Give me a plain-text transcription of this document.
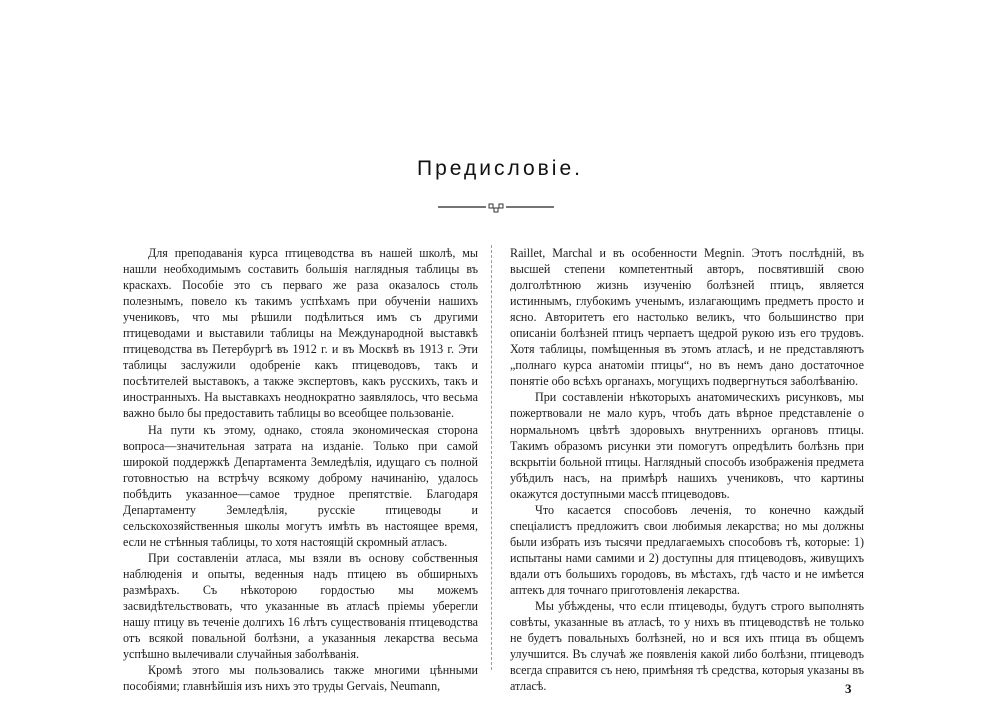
Предисловіе.

Для преподаванія курса птицеводства въ нашей школѣ, мы нашли необходимымъ составить большія наглядныя таблицы въ краскахъ. Пособіе это съ перваго же раза оказалось столь полезнымъ, повело къ такимъ успѣхамъ при обученіи нашихъ учениковъ, что мы рѣшили подѣлиться имъ съ другими птицеводами и выставили таблицы на Международной выставкѣ птицеводства въ Петербургѣ въ 1912 г. и въ Москвѣ въ 1913 г. Эти таблицы заслужили одобреніе какъ птицеводовъ, такъ и посѣтителей выставокъ, а также экспертовъ, какъ русскихъ, такъ и иностранныхъ. На выставкахъ неоднократно заявлялось, что весьма важно было бы предоставить таблицы во всеобщее пользованіе.

На пути къ этому, однако, стояла экономическая сторона вопроса—значительная затрата на изданіе. Только при самой широкой поддержкѣ Департамента Земледѣлія, идущаго съ полной готовностью на встрѣчу всякому доброму начинанію, удалось побѣдить указанное—самое трудное препятствіе. Благодаря Департаменту Земледѣлія, русскіе птицеводы и сельскохозяйственныя школы могутъ имѣть въ настоящее время, если не стѣнныя таблицы, то хотя настоящій скромный атласъ.

При составленіи атласа, мы взяли въ основу собственныя наблюденія и опыты, веденныя надъ птицею въ обширныхъ размѣрахъ. Съ нѣкоторою гордостью мы можемъ засвидѣтельствовать, что указанные въ атласѣ пріемы уберегли нашу птицу въ теченіе долгихъ 16 лѣтъ существованія птицеводства отъ всякой повальной болѣзни, а указанныя лекарства весьма успѣшно вылечивали случайныя заболѣванія.

Кромѣ этого мы пользовались также многими цѣнными пособіями; главнѣйшія изъ нихъ это труды Gervais, Neumann,

Raillet, Marchal и въ особенности Megnin. Этотъ послѣдній, въ высшей степени компетентный авторъ, посвятившій свою долголѣтнюю жизнь изученію болѣзней птицъ, является истиннымъ, глубокимъ ученымъ, излагающимъ предметъ просто и ясно. Авторитетъ его настолько великъ, что большинство при описаніи болѣзней птицъ черпаетъ щедрой рукою изъ его трудовъ. Хотя таблицы, помѣщенныя въ этомъ атласѣ, и не представляютъ „полнаго курса анатоміи птицы“, но въ немъ дано достаточное понятіе обо всѣхъ органахъ, могущихъ подвергнуться заболѣванію.

При составленіи нѣкоторыхъ анатомическихъ рисунковъ, мы пожертвовали не мало куръ, чтобъ дать вѣрное представленіе о нормальномъ цвѣтѣ здоровыхъ внутреннихъ органовъ птицы. Такимъ образомъ рисунки эти помогутъ опредѣлить болѣзнь при вскрытіи больной птицы. Наглядный способъ изображенія предмета убѣдилъ насъ, на примѣрѣ нашихъ учениковъ, что картины окажутся доступными массѣ птицеводовъ.

Что касается способовъ леченія, то конечно каждый спеціалистъ предложитъ свои любимыя лекарства; но мы должны были избрать изъ тысячи предлагаемыхъ способовъ тѣ, которые: 1) испытаны нами самими и 2) доступны для птицеводовъ, живущихъ вдали отъ большихъ городовъ, въ мѣстахъ, гдѣ часто и не имѣется аптекъ для точнаго приготовленія лекарства.

Мы убѣждены, что если птицеводы, будутъ строго выполнять совѣты, указанные въ атласѣ, то у нихъ въ птицеводствѣ не только не будетъ повальныхъ болѣзней, но и вся ихъ птица въ общемъ улучшится. Въ случаѣ же появленія какой либо болѣзни, птицеводъ всегда справится съ нею, примѣняя тѣ средства, которыя указаны въ атласѣ.	3
